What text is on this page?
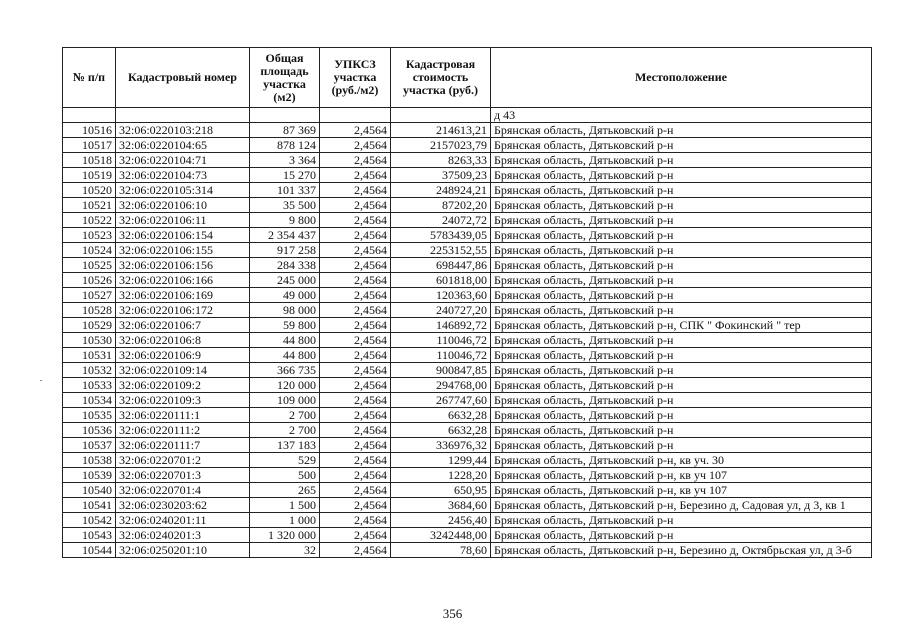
№ п/п	Кадастровый номер	Общая площадь участка (м2)	УПКСЗ участка (руб./м2)	Кадастровая стоимость участка (руб.)	Местоположение
					д 43
10516	32:06:0220103:218	87 369	2,4564	214613,21	Брянская область, Дятьковский р-н
10517	32:06:0220104:65	878 124	2,4564	2157023,79	Брянская область, Дятьковский р-н
10518	32:06:0220104:71	3 364	2,4564	8263,33	Брянская область, Дятьковский р-н
10519	32:06:0220104:73	15 270	2,4564	37509,23	Брянская область, Дятьковский р-н
10520	32:06:0220105:314	101 337	2,4564	248924,21	Брянская область, Дятьковский р-н
10521	32:06:0220106:10	35 500	2,4564	87202,20	Брянская область, Дятьковский р-н
10522	32:06:0220106:11	9 800	2,4564	24072,72	Брянская область, Дятьковский р-н
10523	32:06:0220106:154	2 354 437	2,4564	5783439,05	Брянская область, Дятьковский р-н
10524	32:06:0220106:155	917 258	2,4564	2253152,55	Брянская область, Дятьковский р-н
10525	32:06:0220106:156	284 338	2,4564	698447,86	Брянская область, Дятьковский р-н
10526	32:06:0220106:166	245 000	2,4564	601818,00	Брянская область, Дятьковский р-н
10527	32:06:0220106:169	49 000	2,4564	120363,60	Брянская область, Дятьковский р-н
10528	32:06:0220106:172	98 000	2,4564	240727,20	Брянская область, Дятьковский р-н
10529	32:06:0220106:7	59 800	2,4564	146892,72	Брянская область, Дятьковский р-н, СПК " Фокинский " тер
10530	32:06:0220106:8	44 800	2,4564	110046,72	Брянская область, Дятьковский р-н
10531	32:06:0220106:9	44 800	2,4564	110046,72	Брянская область, Дятьковский р-н
10532	32:06:0220109:14	366 735	2,4564	900847,85	Брянская область, Дятьковский р-н
10533	32:06:0220109:2	120 000	2,4564	294768,00	Брянская область, Дятьковский р-н
10534	32:06:0220109:3	109 000	2,4564	267747,60	Брянская область, Дятьковский р-н
10535	32:06:0220111:1	2 700	2,4564	6632,28	Брянская область, Дятьковский р-н
10536	32:06:0220111:2	2 700	2,4564	6632,28	Брянская область, Дятьковский р-н
10537	32:06:0220111:7	137 183	2,4564	336976,32	Брянская область, Дятьковский р-н
10538	32:06:0220701:2	529	2,4564	1299,44	Брянская область, Дятьковский р-н, кв уч. 30
10539	32:06:0220701:3	500	2,4564	1228,20	Брянская область, Дятьковский р-н, кв уч 107
10540	32:06:0220701:4	265	2,4564	650,95	Брянская область, Дятьковский р-н, кв уч 107
10541	32:06:0230203:62	1 500	2,4564	3684,60	Брянская область, Дятьковский р-н, Березино д, Садовая ул, д 3, кв 1
10542	32:06:0240201:11	1 000	2,4564	2456,40	Брянская область, Дятьковский р-н
10543	32:06:0240201:3	1 320 000	2,4564	3242448,00	Брянская область, Дятьковский р-н
10544	32:06:0250201:10	32	2,4564	78,60	Брянская область, Дятьковский р-н, Березино д, Октябрьская ул, д 3-б
356
